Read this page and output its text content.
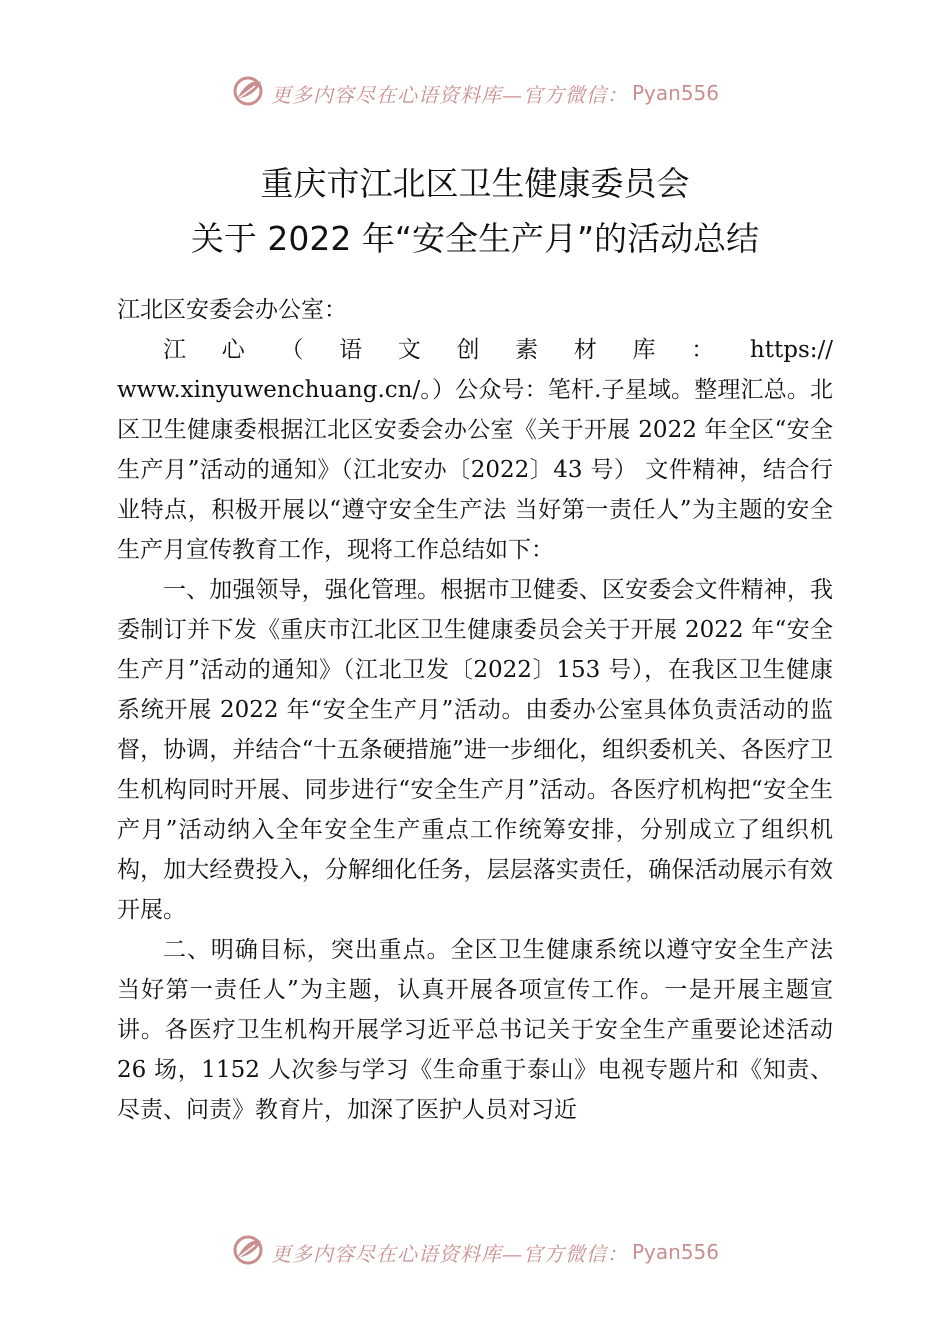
更多内容尽在心语资料库—官方微信： Pyan556
重庆市江北区卫生健康委员会
关于 2022 年“安全生产月”的活动总结

江北区安委会办公室：

江 心 （ 语 文 创 素 材 库 ： https://

www.xinyuwenchuang.cn/。）公众号：笔杆.子星域。整理汇总。北区卫生健康委根据江北区安委会办公室《关于开展 2022 年全区“安全生产月”活动的通知》（江北安办〔2022〕43 号） 文件精神，结合行业特点，积极开展以“遵守安全生产法 当好第一责任人”为主题的安全生产月宣传教育工作，现将工作总结如下：

一、加强领导，强化管理。根据市卫健委、区安委会文件精神，我委制订并下发《重庆市江北区卫生健康委员会关于开展 2022 年“安全生产月”活动的通知》（江北卫发〔2022〕153 号），在我区卫生健康系统开展 2022 年“安全生产月”活动。由委办公室具体负责活动的监督，协调，并结合“十五条硬措施”进一步细化，组织委机关、各医疗卫生机构同时开展、同步进行“安全生产月”活动。各医疗机构把“安全生产月”活动纳入全年安全生产重点工作统筹安排，分别成立了组织机构，加大经费投入，分解细化任务，层层落实责任，确保活动展示有效开展。

二、明确目标，突出重点。全区卫生健康系统以遵守安全生产法 当好第一责任人”为主题，认真开展各项宣传工作。一是开展主题宣讲。各医疗卫生机构开展学习近平总书记关于安全生产重要论述活动 26 场，1152 人次参与学习《生命重于泰山》电视专题片和《知责、尽责、问责》教育片，加深了医护人员对习近

更多内容尽在心语资料库—官方微信： Pyan556
